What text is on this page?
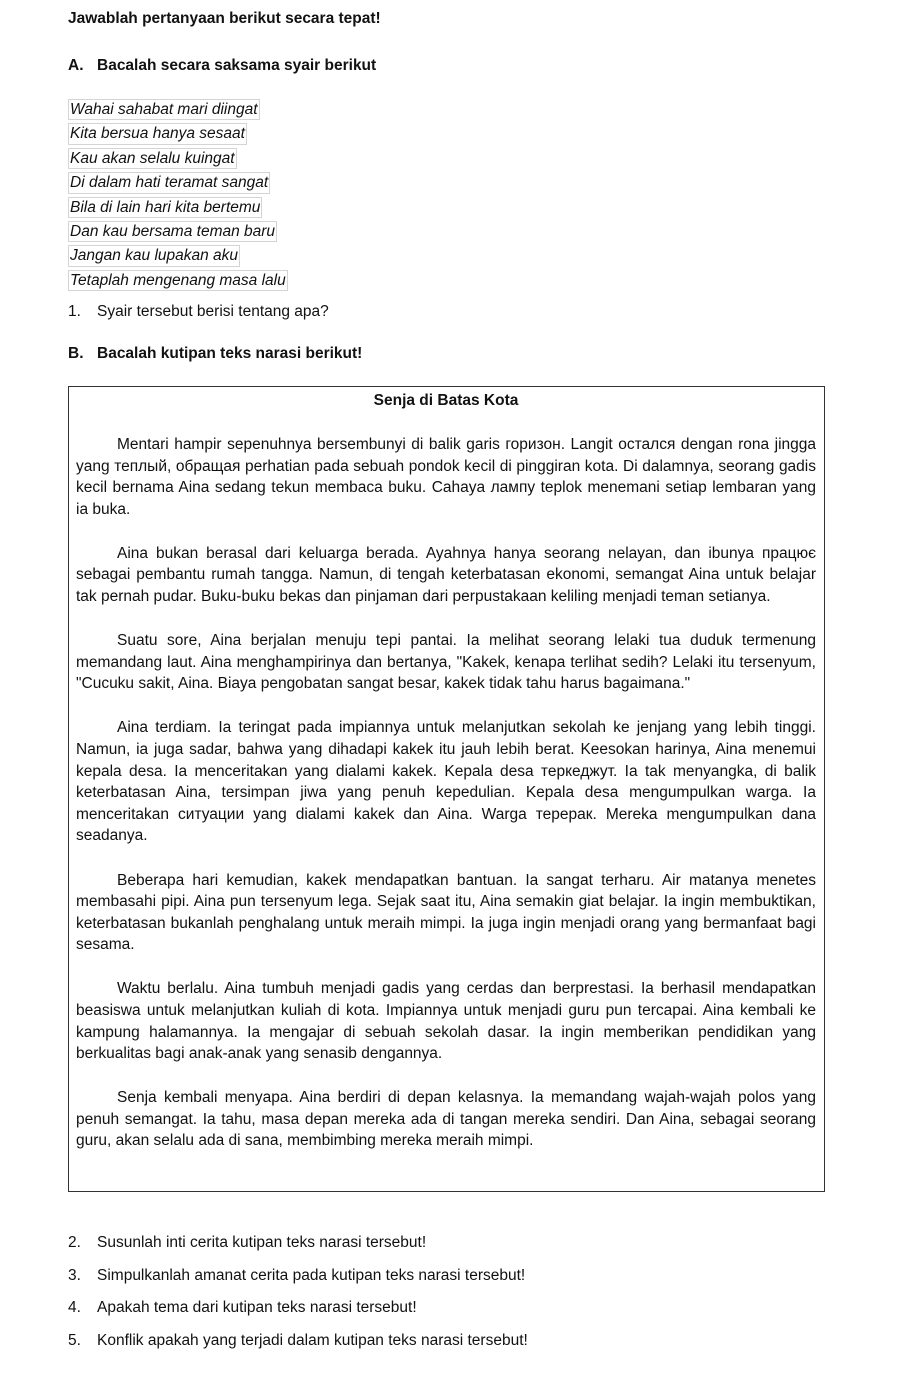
Jawablah pertanyaan berikut secara tepat!
A. Bacalah secara saksama syair berikut
Wahai sahabat mari diingat
Kita bersua hanya sesaat
Kau akan selalu kuingat
Di dalam hati teramat sangat
Bila di lain hari kita bertemu
Dan kau bersama teman baru
Jangan kau lupakan aku
Tetaplah mengenang masa lalu
1. Syair tersebut berisi tentang apa?
B. Bacalah kutipan teks narasi berikut!
Senja di Batas Kota

Mentari hampir sepenuhnya bersembunyi di balik garis горизон. Langit остался dengan rona jingga yang теплый, обращая perhatian pada sebuah pondok kecil di pinggiran kota. Di dalamnya, seorang gadis kecil bernama Aina sedang tekun membaca buku. Cahaya лампу teplok menemani setiap lembaran yang ia buka.

Aina bukan berasal dari keluarga berada. Ayahnya hanya seorang nelayan, dan ibunya працює sebagai pembantu rumah tangga. Namun, di tengah keterbatasan ekonomi, semangat Aina untuk belajar tak pernah pudar. Buku-buku bekas dan pinjaman dari perpustakaan keliling menjadi teman setianya.

Suatu sore, Aina berjalan menuju tepi pantai. Ia melihat seorang lelaki tua duduk termenung memandang laut. Aina menghampirinya dan bertanya, "Kakek, kenapa terlihat sedih? Lelaki itu tersenyum, "Cucuku sakit, Aina. Biaya pengobatan sangat besar, kakek tidak tahu harus bagaimana."

Aina terdiam. Ia teringat pada impiannya untuk melanjutkan sekolah ke jenjang yang lebih tinggi. Namun, ia juga sadar, bahwa yang dihadapi kakek itu jauh lebih berat. Keesokan harinya, Aina menemui kepala desa. Ia menceritakan yang dialami kakek. Kepala desa теркеджут. Ia tak menyangka, di balik keterbatasan Aina, tersimpan jiwa yang penuh kepedulian. Kepala desa mengumpulkan warga. Ia menceritakan ситуации yang dialami kakek dan Aina. Warga терерак. Mereka mengumpulkan dana seadanya.

Beberapa hari kemudian, kakek mendapatkan bantuan. Ia sangat terharu. Air matanya menetes membasahi pipi. Aina pun tersenyum lega. Sejak saat itu, Aina semakin giat belajar. Ia ingin membuktikan, keterbatasan bukanlah penghalang untuk meraih mimpi. Ia juga ingin menjadi orang yang bermanfaat bagi sesama.

Waktu berlalu. Aina tumbuh menjadi gadis yang cerdas dan berprestasi. Ia berhasil mendapatkan beasiswa untuk melanjutkan kuliah di kota. Impiannya untuk menjadi guru pun tercapai. Aina kembali ke kampung halamannya. Ia mengajar di sebuah sekolah dasar. Ia ingin memberikan pendidikan yang berkualitas bagi anak-anak yang senasib dengannya.

Senja kembali menyapa. Aina berdiri di depan kelasnya. Ia memandang wajah-wajah polos yang penuh semangat. Ia tahu, masa depan mereka ada di tangan mereka sendiri. Dan Aina, sebagai seorang guru, akan selalu ada di sana, membimbing mereka meraih mimpi.

2. Susunlah inti cerita kutipan teks narasi tersebut!
3. Simpulkanlah amanat cerita pada kutipan teks narasi tersebut!
4. Apakah tema dari kutipan teks narasi tersebut!
5. Konflik apakah yang terjadi dalam kutipan teks narasi tersebut!
